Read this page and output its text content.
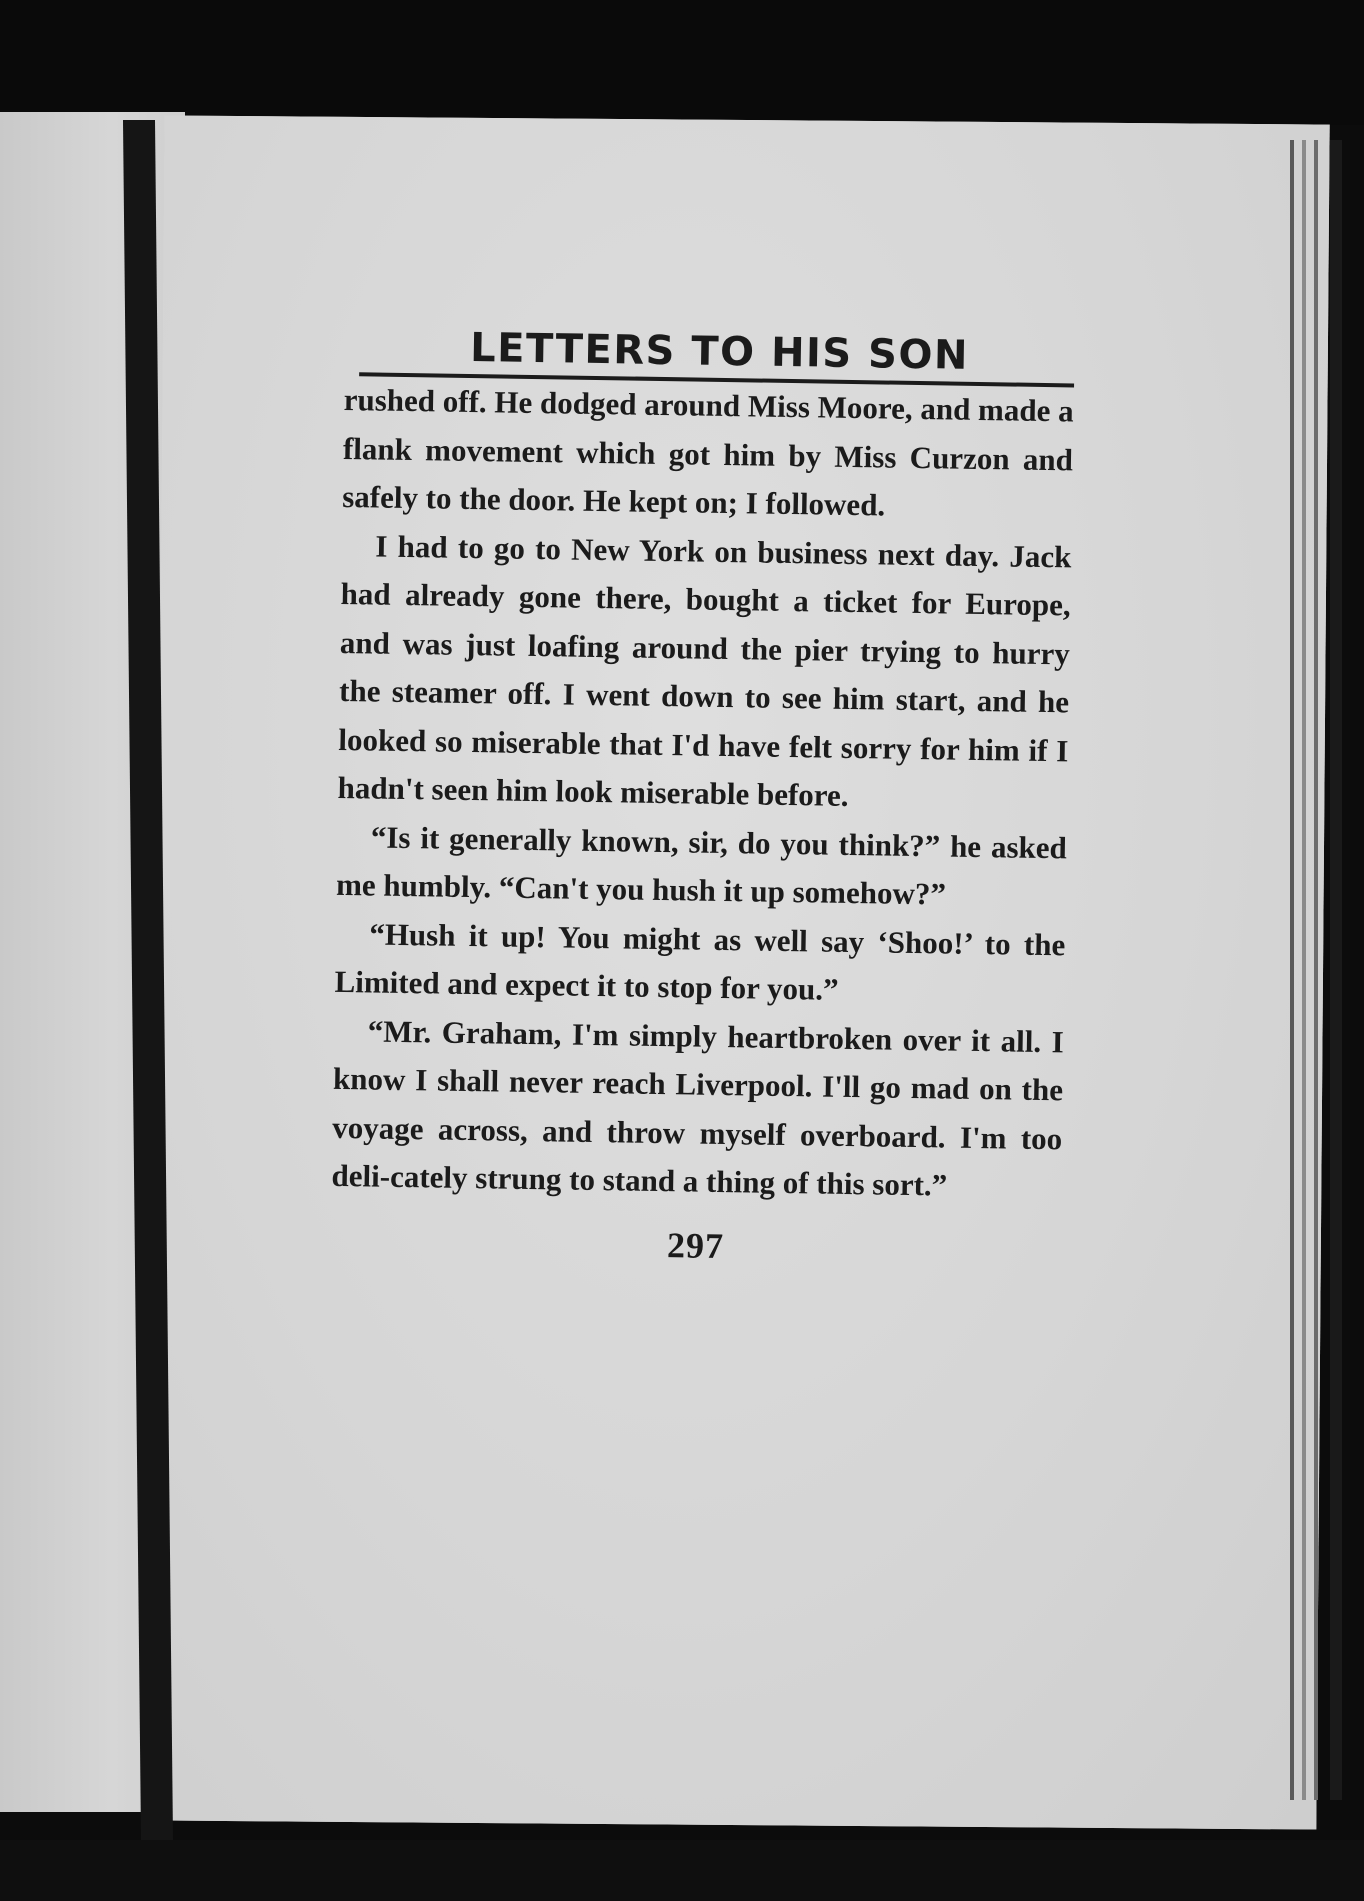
LETTERS TO HIS SON

rushed off. He dodged around Miss Moore, and made a flank movement which got him by Miss Curzon and safely to the door. He kept on; I followed.

I had to go to New York on business next day. Jack had already gone there, bought a ticket for Europe, and was just loafing around the pier trying to hurry the steamer off. I went down to see him start, and he looked so miserable that I'd have felt sorry for him if I hadn't seen him look miserable before.

“Is it generally known, sir, do you think?” he asked me humbly. “Can't you hush it up somehow?”

“Hush it up! You might as well say ‘Shoo!’ to the Limited and expect it to stop for you.”

“Mr. Graham, I'm simply heartbroken over it all. I know I shall never reach Liverpool. I'll go mad on the voyage across, and throw myself overboard. I'm too deli-cately strung to stand a thing of this sort.”

297
